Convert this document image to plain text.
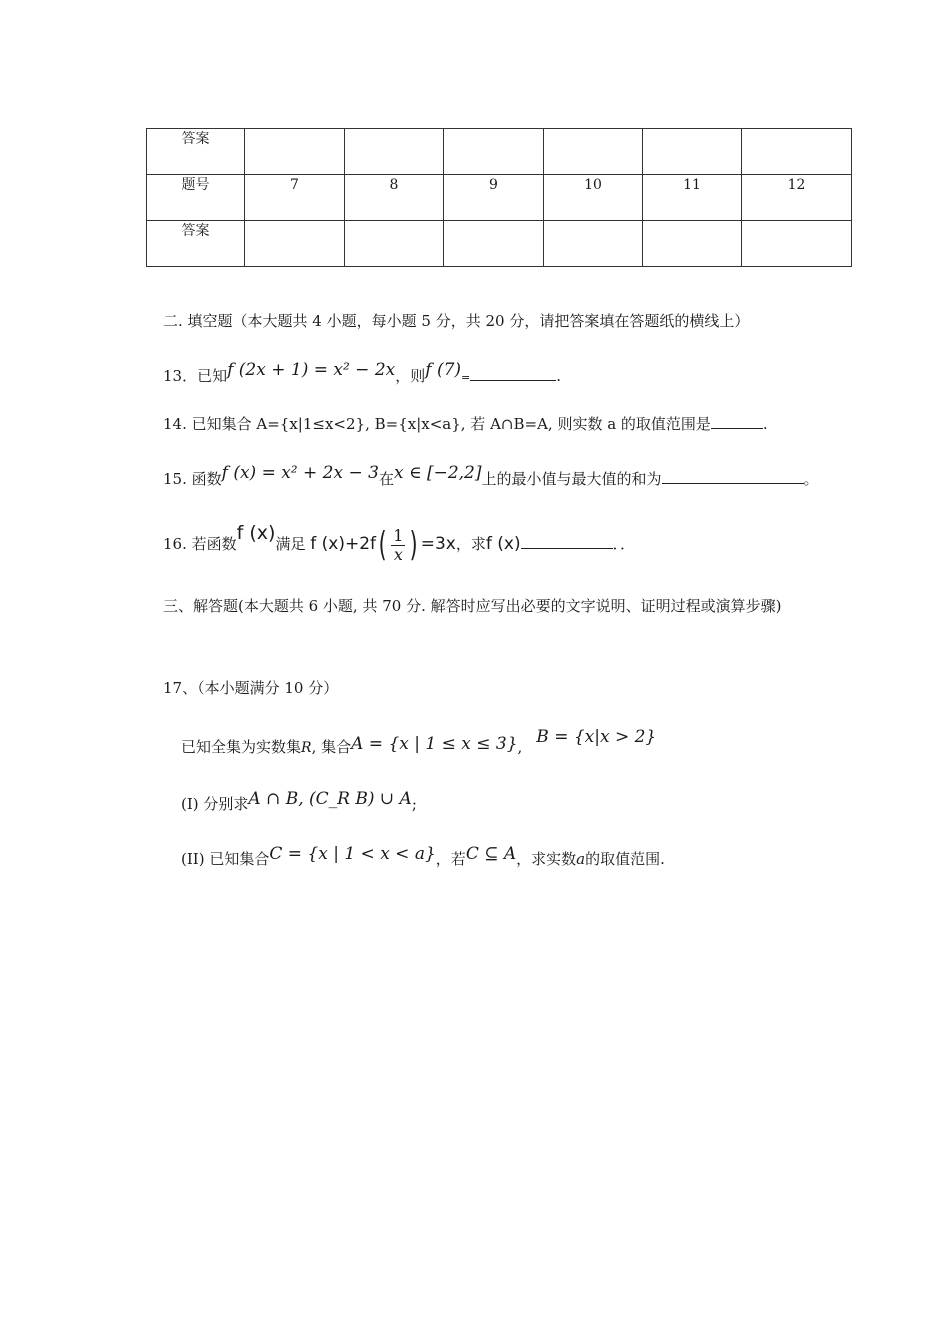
答案						

题号	7	8	9	10	11	12

答案						

二. 填空题（本大题共 4 小题，每小题 5 分，共 20 分，请把答案填在答题纸的横线上）
13．已知f (2x + 1) = x² − 2x，则f (7)=	.
14. 已知集合 A={x|1≤x<2}, B={x|x<a}, 若 A∩B=A, 则实数 a 的取值范围是	.
15. 函数f (x) = x² + 2x − 3在x ∈ [−2,2]上的最小值与最大值的和为	。
16. 若函数f (x)满足 f $(x)+2f( \frac{1}{x}$ ) =3x，求f (x)	．．
三、解答题(本大题共 6 小题, 共 70 分. 解答时应写出必要的文字说明、证明过程或演算步骤)
17、（本小题满分 10 分）
已知全集为实数集R, 集合A = {x | 1 ≤ x ≤ 3}, B = {x|x > 2}
(I) 分别求A ∩ B, (C_R B) ∪ A;
(II) 已知集合C = {x | 1 < x < a}，若C ⊆ A，求实数a的取值范围.
